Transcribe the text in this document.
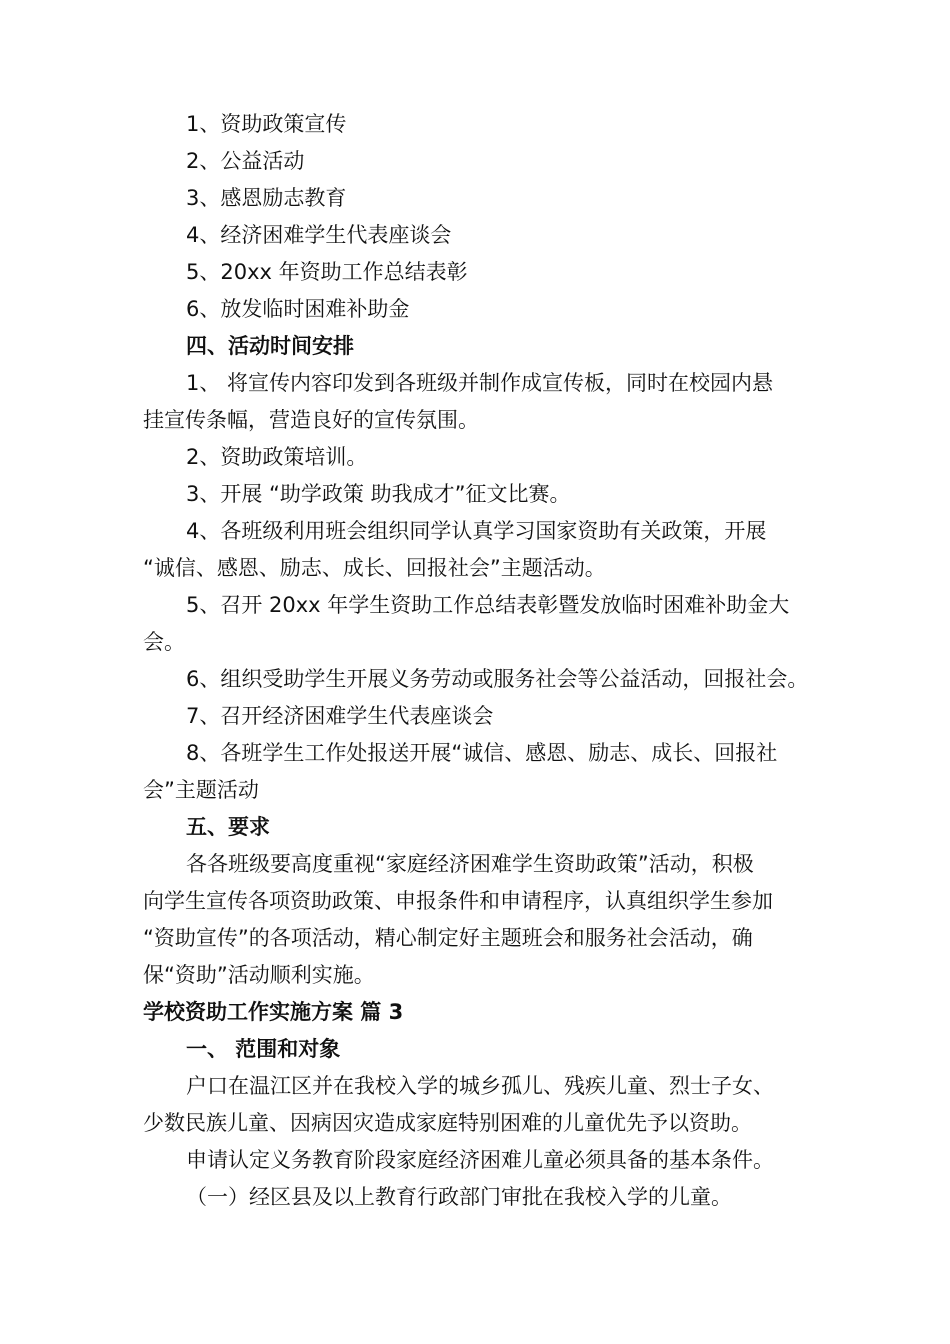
1、资助政策宣传
2、公益活动
3、感恩励志教育
4、经济困难学生代表座谈会
5、20xx 年资助工作总结表彰
6、放发临时困难补助金
四、活动时间安排
1、 将宣传内容印发到各班级并制作成宣传板，同时在校园内悬
挂宣传条幅，营造良好的宣传氛围。
2、资助政策培训。
3、开展 “助学政策 助我成才”征文比赛。
4、各班级利用班会组织同学认真学习国家资助有关政策，开展
“诚信、感恩、励志、成长、回报社会”主题活动。
5、召开 20xx 年学生资助工作总结表彰暨发放临时困难补助金大
会。
6、组织受助学生开展义务劳动或服务社会等公益活动，回报社会。
7、召开经济困难学生代表座谈会
8、各班学生工作处报送开展“诚信、感恩、励志、成长、回报社
会”主题活动
五、要求
各各班级要高度重视“家庭经济困难学生资助政策”活动，积极
向学生宣传各项资助政策、申报条件和申请程序，认真组织学生参加
“资助宣传”的各项活动，精心制定好主题班会和服务社会活动，确
保“资助”活动顺利实施。
学校资助工作实施方案 篇 3
一、 范围和对象
户口在温江区并在我校入学的城乡孤儿、残疾儿童、烈士子女、
少数民族儿童、因病因灾造成家庭特别困难的儿童优先予以资助。
申请认定义务教育阶段家庭经济困难儿童必须具备的基本条件。
（一）经区县及以上教育行政部门审批在我校入学的儿童。
